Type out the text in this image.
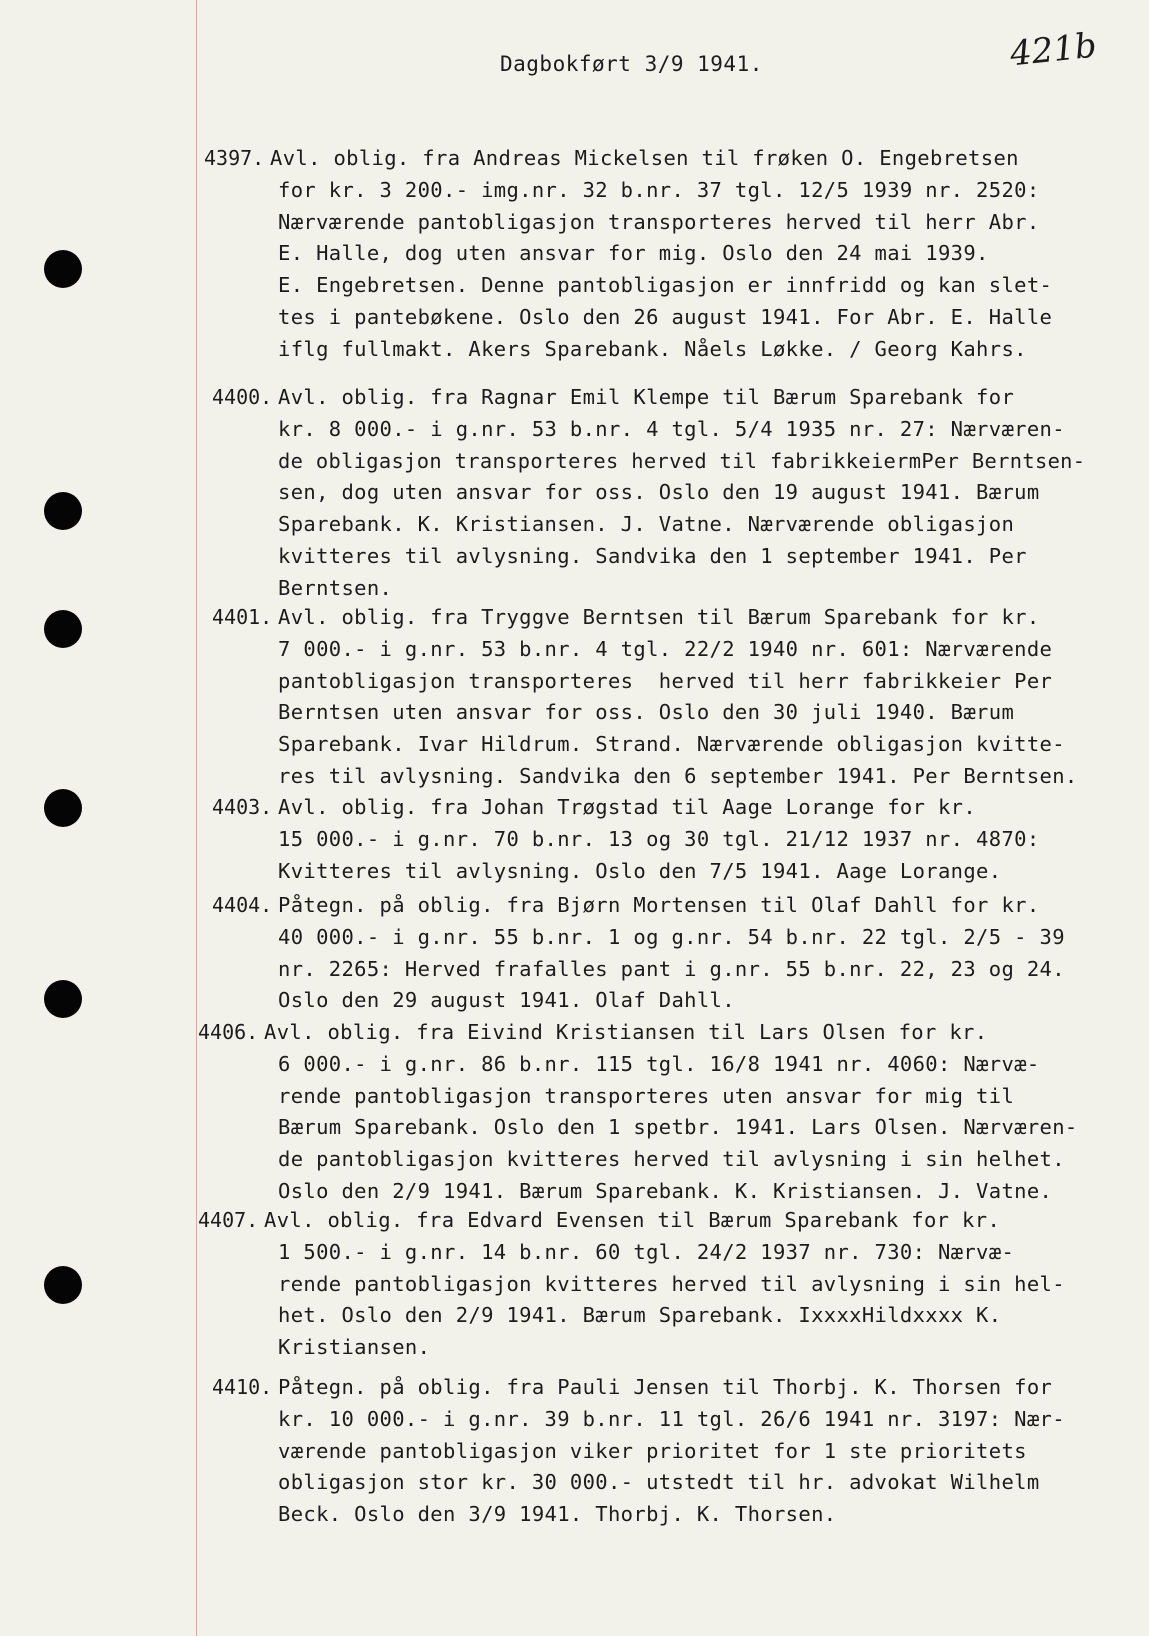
Dagbokført 3/9 1941.	421b
4397. Avl. oblig. fra Andreas Mickelsen til frøken O. Engebretsen
for kr. 3 200.- img.nr. 32 b.nr. 37 tgl. 12/5 1939 nr. 2520:
Nærværende pantobligasjon transporteres herved til herr Abr.
E. Halle, dog uten ansvar for mig. Oslo den 24 mai 1939.
E. Engebretsen. Denne pantobligasjon er innfridd og kan slet-
tes i pantebøkene. Oslo den 26 august 1941. For Abr. E. Halle
iflg fullmakt. Akers Sparebank. Nåels Løkke. / Georg Kahrs.
4400. Avl. oblig. fra Ragnar Emil Klempe til Bærum Sparebank for
kr. 8 000.- i g.nr. 53 b.nr. 4 tgl. 5/4 1935 nr. 27: Nærværen-
de obligasjon transporteres herved til fabrikkeiermPer Berntsen-
sen, dog uten ansvar for oss. Oslo den 19 august 1941. Bærum
Sparebank. K. Kristiansen. J. Vatne. Nærværende obligasjon
kvitteres til avlysning. Sandvika den 1 september 1941. Per
Berntsen.
4401. Avl. oblig. fra Tryggve Berntsen til Bærum Sparebank for kr.
7 000.- i g.nr. 53 b.nr. 4 tgl. 22/2 1940 nr. 601: Nærværende
pantobligasjon transporteres  herved til herr fabrikkeier Per
Berntsen uten ansvar for oss. Oslo den 30 juli 1940. Bærum
Sparebank. Ivar Hildrum. Strand. Nærværende obligasjon kvitte-
res til avlysning. Sandvika den 6 september 1941. Per Berntsen.
4403. Avl. oblig. fra Johan Trøgstad til Aage Lorange for kr.
15 000.- i g.nr. 70 b.nr. 13 og 30 tgl. 21/12 1937 nr. 4870:
Kvitteres til avlysning. Oslo den 7/5 1941. Aage Lorange.
4404. Påtegn. på oblig. fra Bjørn Mortensen til Olaf Dahll for kr.
40 000.- i g.nr. 55 b.nr. 1 og g.nr. 54 b.nr. 22 tgl. 2/5 - 39
nr. 2265: Herved frafalles pant i g.nr. 55 b.nr. 22, 23 og 24.
Oslo den 29 august 1941. Olaf Dahll.
4406. Avl. oblig. fra Eivind Kristiansen til Lars Olsen for kr.
6 000.- i g.nr. 86 b.nr. 115 tgl. 16/8 1941 nr. 4060: Nærvæ-
rende pantobligasjon transporteres uten ansvar for mig til
Bærum Sparebank. Oslo den 1 spetbr. 1941. Lars Olsen. Nærværen-
de pantobligasjon kvitteres herved til avlysning i sin helhet.
Oslo den 2/9 1941. Bærum Sparebank. K. Kristiansen. J. Vatne.
4407. Avl. oblig. fra Edvard Evensen til Bærum Sparebank for kr.
1 500.- i g.nr. 14 b.nr. 60 tgl. 24/2 1937 nr. 730: Nærvæ-
rende pantobligasjon kvitteres herved til avlysning i sin hel-
het. Oslo den 2/9 1941. Bærum Sparebank. IxxxxHildxxxx K.
Kristiansen.
4410. Påtegn. på oblig. fra Pauli Jensen til Thorbj. K. Thorsen for
kr. 10 000.- i g.nr. 39 b.nr. 11 tgl. 26/6 1941 nr. 3197: Nær-
værende pantobligasjon viker prioritet for 1 ste prioritets
obligasjon stor kr. 30 000.- utstedt til hr. advokat Wilhelm
Beck. Oslo den 3/9 1941. Thorbj. K. Thorsen.
